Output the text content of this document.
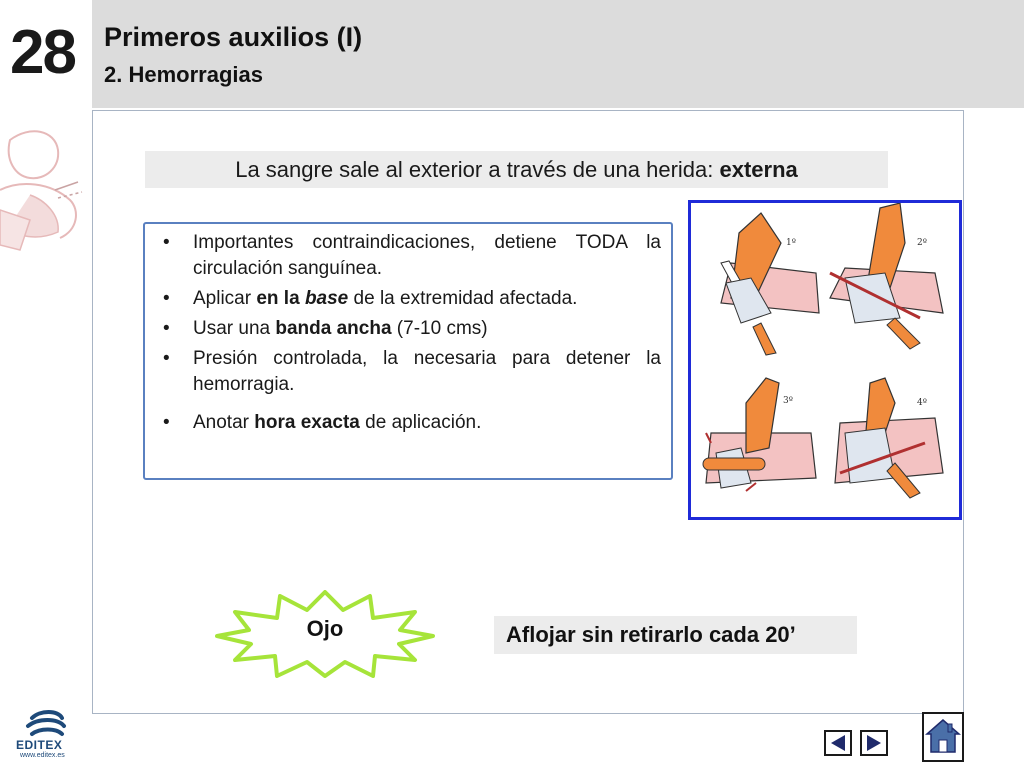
28	Primeros auxilios (I)
2. Hemorragias
La sangre sale al exterior a través de una herida: externa
• Importantes contraindicaciones, detiene TODA la circulación sanguínea.
• Aplicar en la base de la extremidad afectada.
• Usar una banda ancha (7-10 cms)
• Presión controlada, la necesaria para detener la hemorragia.
• Anotar hora exacta de aplicación.
1º	2º
3º	4º
Ojo	Aflojar sin retirarlo cada 20’
EDITEX
www.editex.es
